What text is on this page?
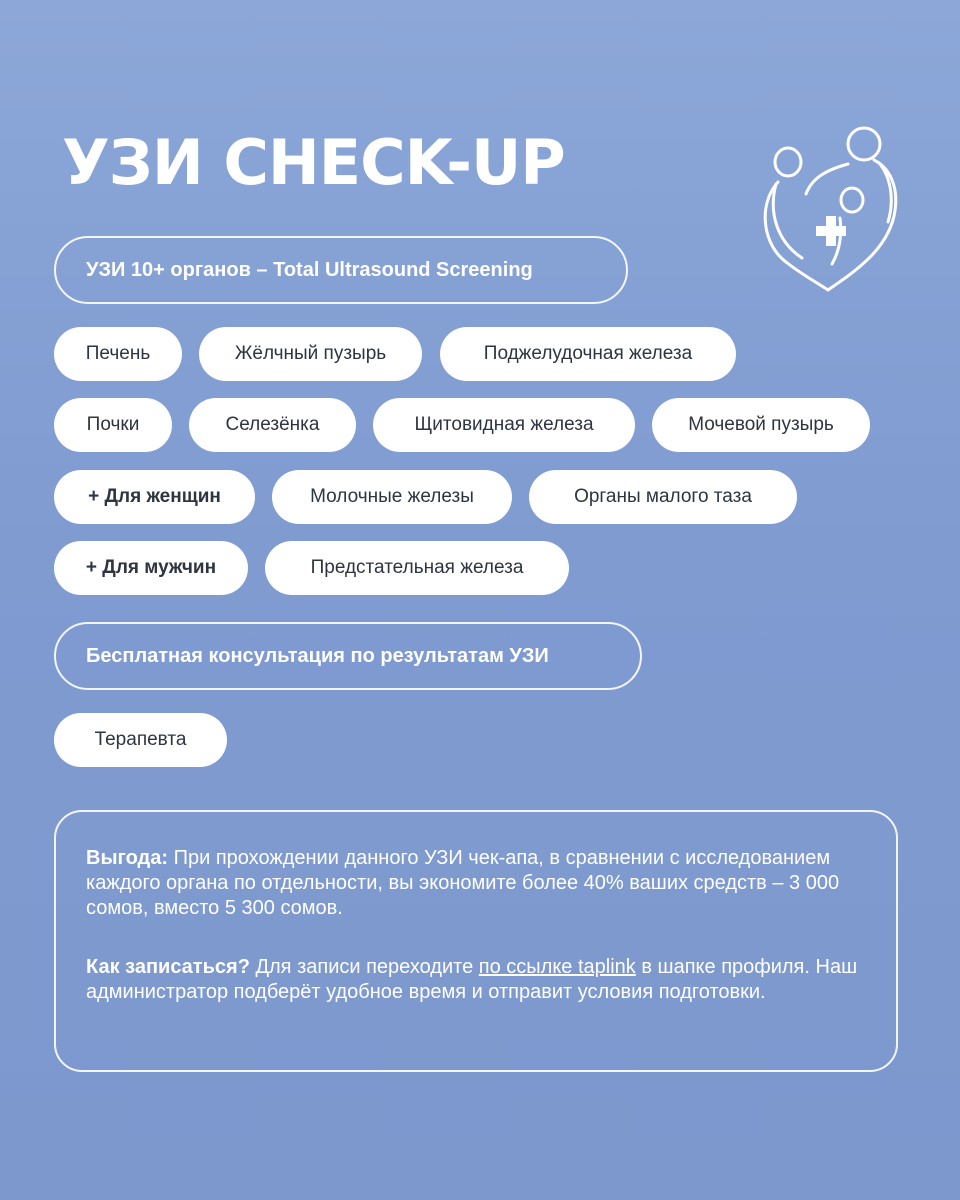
УЗИ CHECK-UP
УЗИ 10+ органов – Total Ultrasound Screening
Печень	Жёлчный пузырь	Поджелудочная железа
Почки	Селезёнка	Щитовидная железа	Мочевой пузырь
+ Для женщин	Молочные железы	Органы малого таза
+ Для мужчин	Предстательная железа
Бесплатная консультация по результатам УЗИ
Терапевта

Выгода: При прохождении данного УЗИ чек-апа, в сравнении с исследованием каждого органа по отдельности, вы экономите более 40% ваших средств – 3 000 сомов, вместо 5 300 сомов.

Как записаться? Для записи переходите по ссылке taplink в шапке профиля. Наш администратор подберёт удобное время и отправит условия подготовки.
